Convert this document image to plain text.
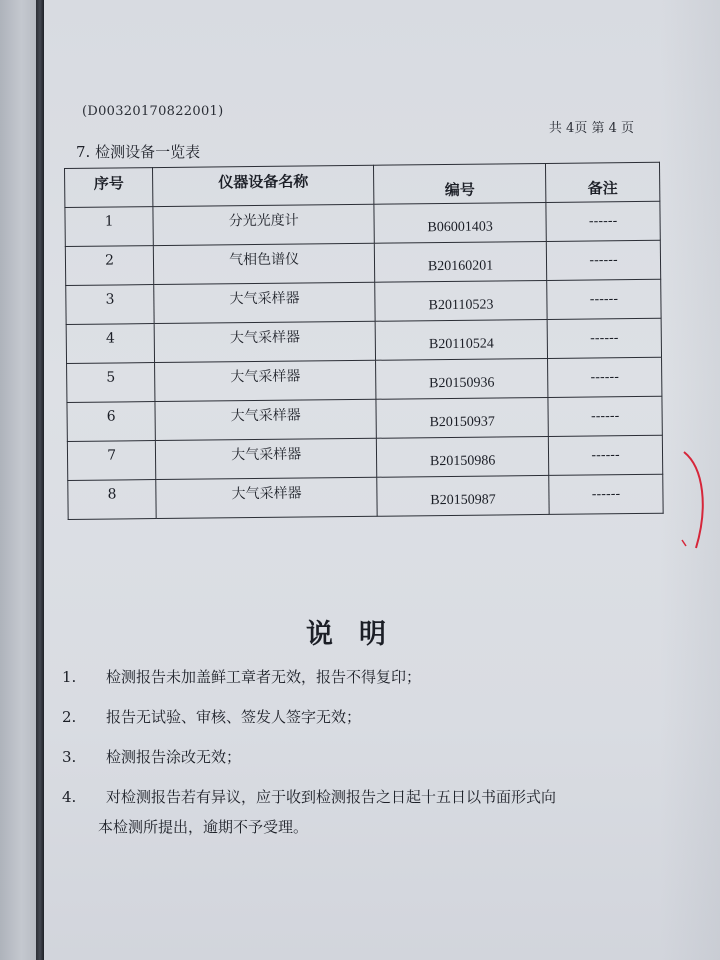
(D00320170822001)
共 4页 第 4 页
7. 检测设备一览表
序号	仪器设备名称	编号	备注
1	分光光度计	B06001403	------
2	气相色谱仪	B20160201	------
3	大气采样器	B20110523	------
4	大气采样器	B20110524	------
5	大气采样器	B20150936	------
6	大气采样器	B20150937	------
7	大气采样器	B20150986	------
8	大气采样器	B20150987	------
说明
1.	检测报告未加盖鲜工章者无效，报告不得复印；
2.	报告无试验、审核、签发人签字无效；
3.	检测报告涂改无效；
4.	对检测报告若有异议，应于收到检测报告之日起十五日以书面形式向
本检测所提出，逾期不予受理。
